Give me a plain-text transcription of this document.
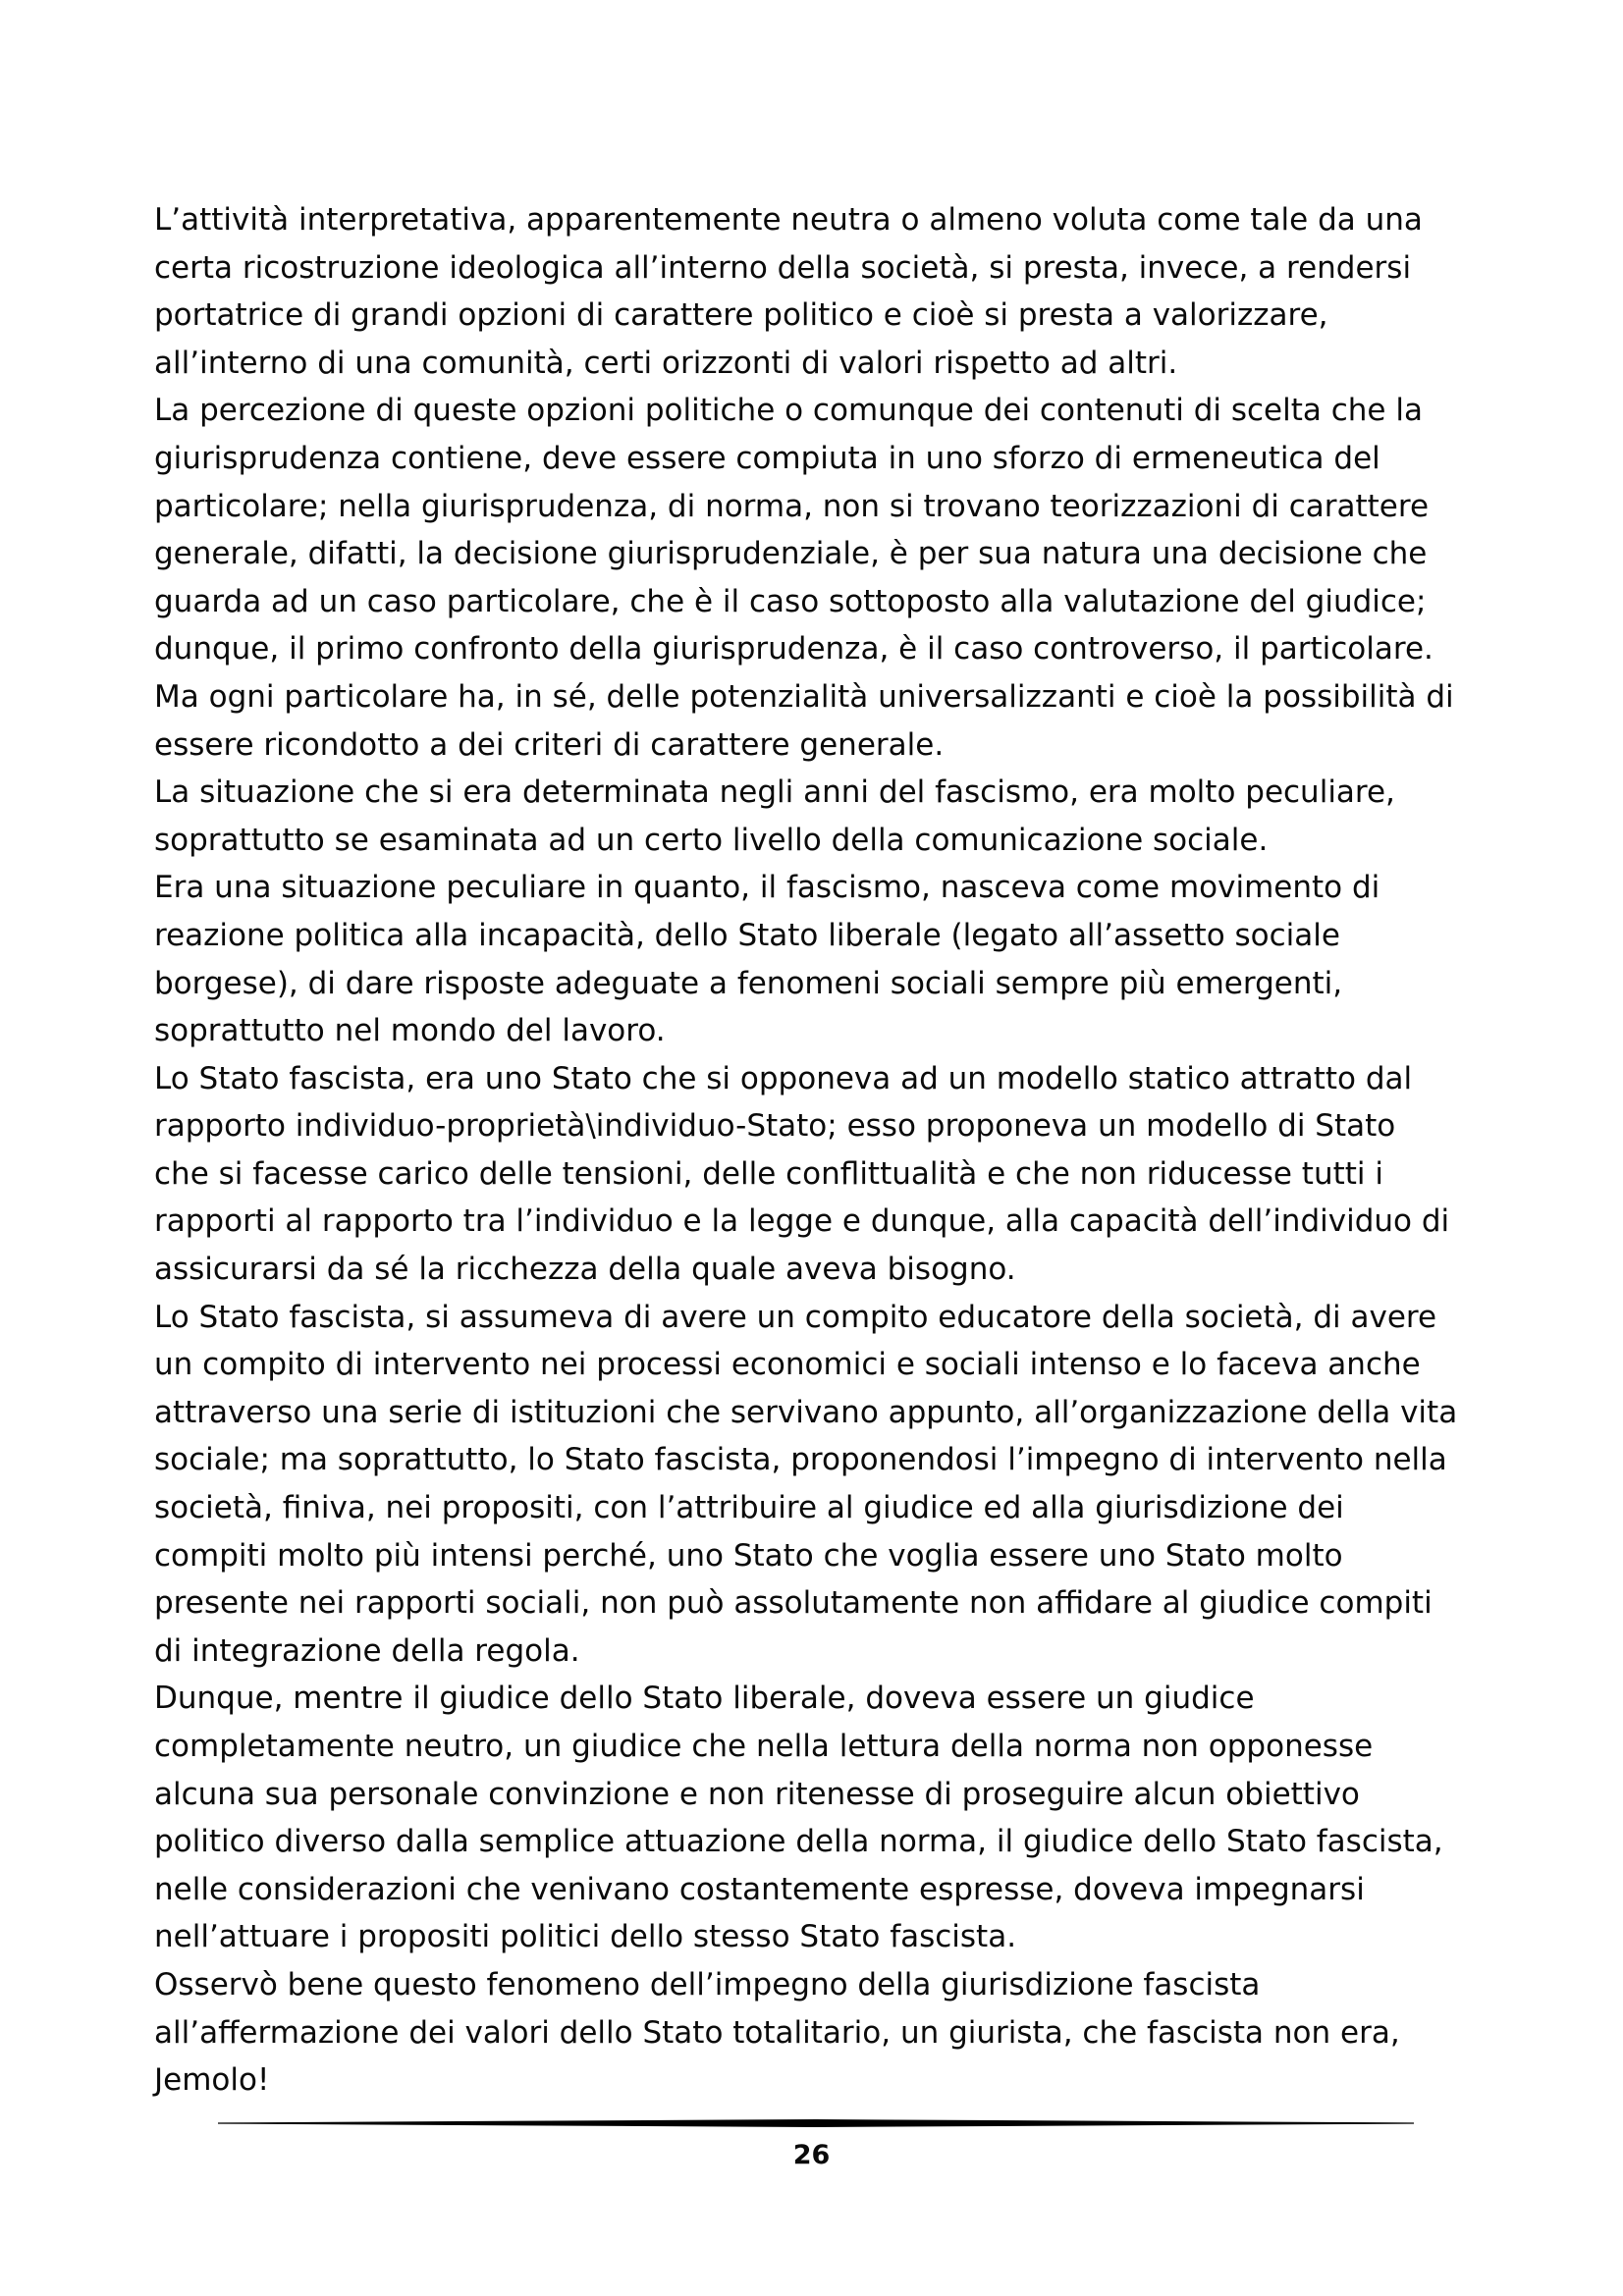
L’attività interpretativa, apparentemente neutra o almeno voluta come tale da una
certa ricostruzione ideologica all’interno della società, si presta, invece, a rendersi
portatrice di grandi opzioni di carattere politico e cioè si presta a valorizzare,
all’interno di una comunità, certi orizzonti di valori rispetto ad altri.
La percezione di queste opzioni politiche o comunque dei contenuti di scelta che la
giurisprudenza contiene, deve essere compiuta in uno sforzo di ermeneutica del
particolare; nella giurisprudenza, di norma, non si trovano teorizzazioni di carattere
generale, difatti, la decisione giurisprudenziale, è per sua natura una decisione che
guarda ad un caso particolare, che è il caso sottoposto alla valutazione del giudice;
dunque, il primo confronto della giurisprudenza, è il caso controverso, il particolare.
Ma ogni particolare ha, in sé, delle potenzialità universalizzanti e cioè la possibilità di
essere ricondotto a dei criteri di carattere generale.
La situazione che si era determinata negli anni del fascismo, era molto peculiare,
soprattutto se esaminata ad un certo livello della comunicazione sociale.
Era una situazione peculiare in quanto, il fascismo, nasceva come movimento di
reazione politica alla incapacità, dello Stato liberale (legato all’assetto sociale
borgese), di dare risposte adeguate a fenomeni sociali sempre più emergenti,
soprattutto nel mondo del lavoro.
Lo Stato fascista, era uno Stato che si opponeva ad un modello statico attratto dal
rapporto individuo-proprietà\individuo-Stato; esso proponeva un modello di Stato
che si facesse carico delle tensioni, delle conflittualità e che non riducesse tutti i
rapporti al rapporto tra l’individuo e la legge e dunque, alla capacità dell’individuo di
assicurarsi da sé la ricchezza della quale aveva bisogno.
Lo Stato fascista, si assumeva di avere un compito educatore della società, di avere
un compito di intervento nei processi economici e sociali intenso e lo faceva anche
attraverso una serie di istituzioni che servivano appunto, all’organizzazione della vita
sociale; ma soprattutto, lo Stato fascista, proponendosi l’impegno di intervento nella
società, finiva, nei propositi, con l’attribuire al giudice ed alla giurisdizione dei
compiti molto più intensi perché, uno Stato che voglia essere uno Stato molto
presente nei rapporti sociali, non può assolutamente non affidare al giudice compiti
di integrazione della regola.
Dunque, mentre il giudice dello Stato liberale, doveva essere un giudice
completamente neutro, un giudice che nella lettura della norma non opponesse
alcuna sua personale convinzione e non ritenesse di proseguire alcun obiettivo
politico diverso dalla semplice attuazione della norma, il giudice dello Stato fascista,
nelle considerazioni che venivano costantemente espresse, doveva impegnarsi
nell’attuare i propositi politici dello stesso Stato fascista.
Osservò bene questo fenomeno dell’impegno della giurisdizione fascista
all’affermazione dei valori dello Stato totalitario, un giurista, che fascista non era,
Jemolo!
26
